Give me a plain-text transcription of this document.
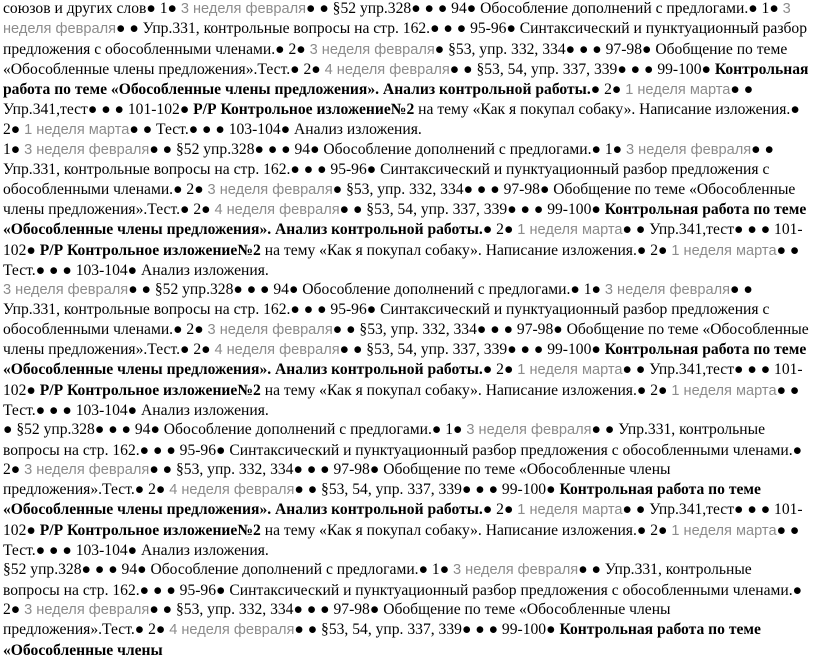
союзов и других слов● 1● 3 неделя февраля● ● §52 упр.328● ● ● 94● Обособление дополнений с предлогами.● 1● 3 неделя февраля● ● Упр.331, контрольные вопросы на стр. 162.● ● ● 95-96● Синтаксический и пунктуационный разбор предложения с обособленными членами.● 2● 3 неделя февраля● §53, упр. 332, 334● ● ● 97-98● Обобщение по теме «Обособленные члены предложения».Тест.● 2● 4 неделя февраля● ● §53, 54, упр. 337, 339● ● ● 99-100● Контрольная работа по теме «Обособленные члены предложения». Анализ контрольной работы.● 2● 1 неделя марта● ● Упр.341,тест● ● ● 101-102● Р/Р Контрольное изложение№2 на тему «Как я покупал собаку». Написание изложения.● 2● 1 неделя марта● ● Тест.● ● ● 103-104● Анализ изложения.

1● 3 неделя февраля● ● §52 упр.328● ● ● 94● Обособление дополнений с предлогами.● 1● 3 неделя февраля● ● Упр.331, контрольные вопросы на стр. 162.● ● ● 95-96● Синтаксический и пунктуационный разбор предложения с обособленными членами.● 2● 3 неделя февраля● §53, упр. 332, 334● ● ● 97-98● Обобщение по теме «Обособленные члены предложения».Тест.● 2● 4 неделя февраля● ● §53, 54, упр. 337, 339● ● ● 99-100● Контрольная работа по теме «Обособленные члены предложения». Анализ контрольной работы.● 2● 1 неделя марта● ● Упр.341,тест● ● ● 101-102● Р/Р Контрольное изложение№2 на тему «Как я покупал собаку». Написание изложения.● 2● 1 неделя марта● ● Тест.● ● ● 103-104● Анализ изложения.

3 неделя февраля● ● §52 упр.328● ● ● 94● Обособление дополнений с предлогами.● 1● 3 неделя февраля● ● Упр.331, контрольные вопросы на стр. 162.● ● ● 95-96● Синтаксический и пунктуационный разбор предложения с обособленными членами.● 2● 3 неделя февраля● ● §53, упр. 332, 334● ● ● 97-98● Обобщение по теме «Обособленные члены предложения».Тест.● 2● 4 неделя февраля● ● §53, 54, упр. 337, 339● ● ● 99-100● Контрольная работа по теме «Обособленные члены предложения». Анализ контрольной работы.● 2● 1 неделя марта● ● Упр.341,тест● ● ● 101-102● Р/Р Контрольное изложение№2 на тему «Как я покупал собаку». Написание изложения.● 2● 1 неделя марта● ● Тест.● ● ● 103-104● Анализ изложения.

● §52 упр.328● ● ● 94● Обособление дополнений с предлогами.● 1● 3 неделя февраля● ● Упр.331, контрольные вопросы на стр. 162.● ● ● 95-96● Синтаксический и пунктуационный разбор предложения с обособленными членами.● 2● 3 неделя февраля● ● §53, упр. 332, 334● ● ● 97-98● Обобщение по теме «Обособленные члены предложения».Тест.● 2● 4 неделя февраля● ● §53, 54, упр. 337, 339● ● ● 99-100● Контрольная работа по теме «Обособленные члены предложения». Анализ контрольной работы.● 2● 1 неделя марта● ● Упр.341,тест● ● ● 101-102● Р/Р Контрольное изложение№2 на тему «Как я покупал собаку». Написание изложения.● 2● 1 неделя марта● ● Тест.● ● ● 103-104● Анализ изложения.

§52 упр.328● ● ● 94● Обособление дополнений с предлогами.● 1● 3 неделя февраля● ● Упр.331, контрольные вопросы на стр. 162.● ● ● 95-96● Синтаксический и пунктуационный разбор предложения с обособленными членами.● 2● 3 неделя февраля● ● §53, упр. 332, 334● ● ● 97-98● Обобщение по теме «Обособленные члены предложения».Тест.● 2● 4 неделя февраля● ● §53, 54, упр. 337, 339● ● ● 99-100● Контрольная работа по теме «Обособленные члены
